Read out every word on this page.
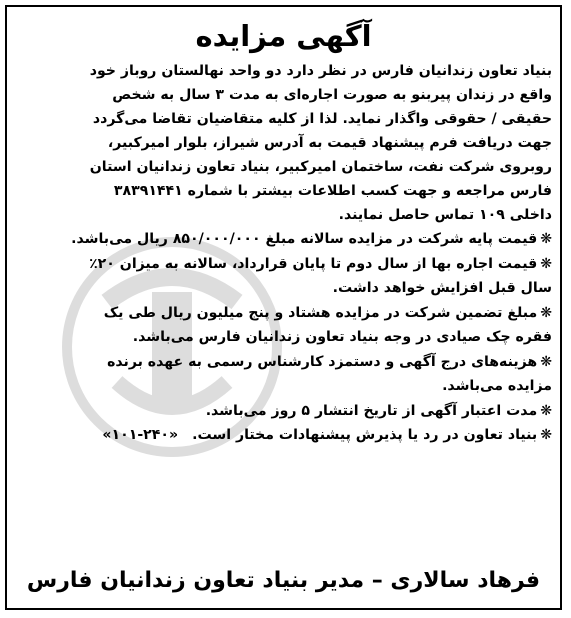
آگهی مزایده
بنیاد تعاون زندانیان فارس در نظر دارد دو واحد نهالستان روباز خود
واقع در زندان پیربنو به صورت اجاره‌ای به مدت ۳ سال به شخص
حقیقی / حقوقی واگذار نماید. لذا از کلیه متقاضیان تقاضا می‌گردد
جهت دریافت فرم پیشنهاد قیمت به آدرس شیراز، بلوار امیرکبیر،
روبروی شرکت نفت، ساختمان امیرکبیر، بنیاد تعاون زندانیان استان
فارس مراجعه و جهت کسب اطلاعات بیشتر با شماره ۳۸۳۹۱۴۴۱
داخلی ۱۰۹ تماس حاصل نمایند.
❋قیمت پایه شرکت در مزایده سالانه مبلغ ۸۵۰/۰۰۰/۰۰۰ ریال می‌باشد.
❋قیمت اجاره بها از سال دوم تا پایان قرارداد، سالانه به میزان ۲۰٪
سال قبل افزایش خواهد داشت.
❋مبلغ تضمین شرکت در مزایده هشتاد و پنج میلیون ریال طی یک
فقره چک صیادی در وجه بنیاد تعاون زندانیان فارس می‌باشد.
❋هزینه‌های درج آگهی و دستمزد کارشناس رسمی به عهده برنده
مزایده می‌باشد.
❋مدت اعتبار آگهی از تاریخ انتشار ۵ روز می‌باشد.
❋بنیاد تعاون در رد یا پذیرش پیشنهادات مختار است.«۲۴۰-۱۰۱»
فرهاد سالاری – مدیر بنیاد تعاون زندانیان فارس
